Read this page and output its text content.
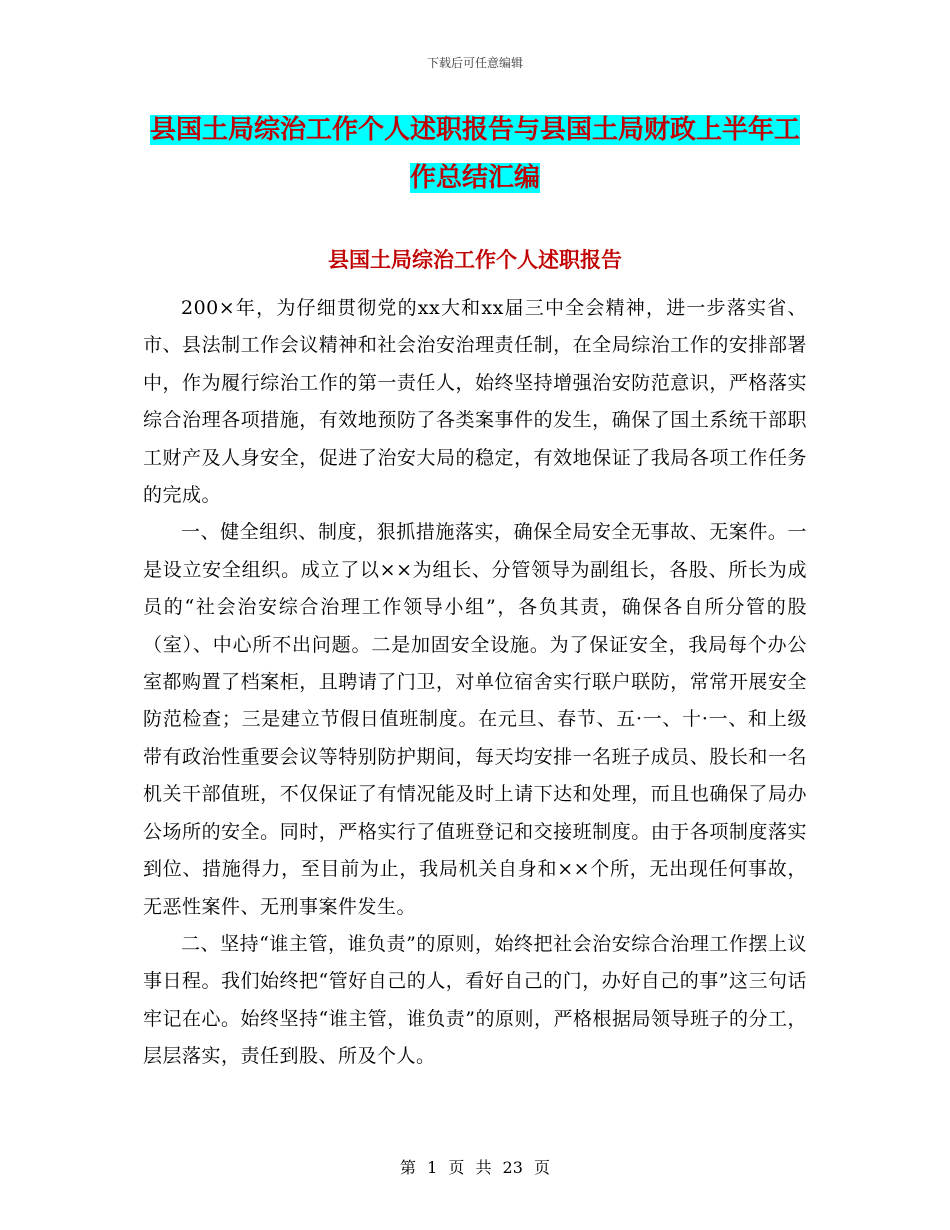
下载后可任意编辑
县国土局综治工作个人述职报告与县国土局财政上半年工作总结汇编
县国土局综治工作个人述职报告

200×年，为仔细贯彻党的xx大和xx届三中全会精神，进一步落实省、市、县法制工作会议精神和社会治安治理责任制，在全局综治工作的安排部署中，作为履行综治工作的第一责任人，始终坚持增强治安防范意识，严格落实综合治理各项措施，有效地预防了各类案事件的发生，确保了国土系统干部职工财产及人身安全，促进了治安大局的稳定，有效地保证了我局各项工作任务的完成。

一、健全组织、制度，狠抓措施落实，确保全局安全无事故、无案件。一是设立安全组织。成立了以××为组长、分管领导为副组长，各股、所长为成员的“社会治安综合治理工作领导小组”，各负其责，确保各自所分管的股（室）、中心所不出问题。二是加固安全设施。为了保证安全，我局每个办公室都购置了档案柜，且聘请了门卫，对单位宿舍实行联户联防，常常开展安全防范检查；三是建立节假日值班制度。在元旦、春节、五·一、十·一、和上级带有政治性重要会议等特别防护期间，每天均安排一名班子成员、股长和一名机关干部值班，不仅保证了有情况能及时上请下达和处理，而且也确保了局办公场所的安全。同时，严格实行了值班登记和交接班制度。由于各项制度落实到位、措施得力，至目前为止，我局机关自身和××个所，无出现任何事故，无恶性案件、无刑事案件发生。

二、坚持“谁主管，谁负责”的原则，始终把社会治安综合治理工作摆上议事日程。我们始终把“管好自己的人，看好自己的门，办好自己的事”这三句话牢记在心。始终坚持“谁主管，谁负责”的原则，严格根据局领导班子的分工，层层落实，责任到股、所及个人。

第 1 页 共 23 页
